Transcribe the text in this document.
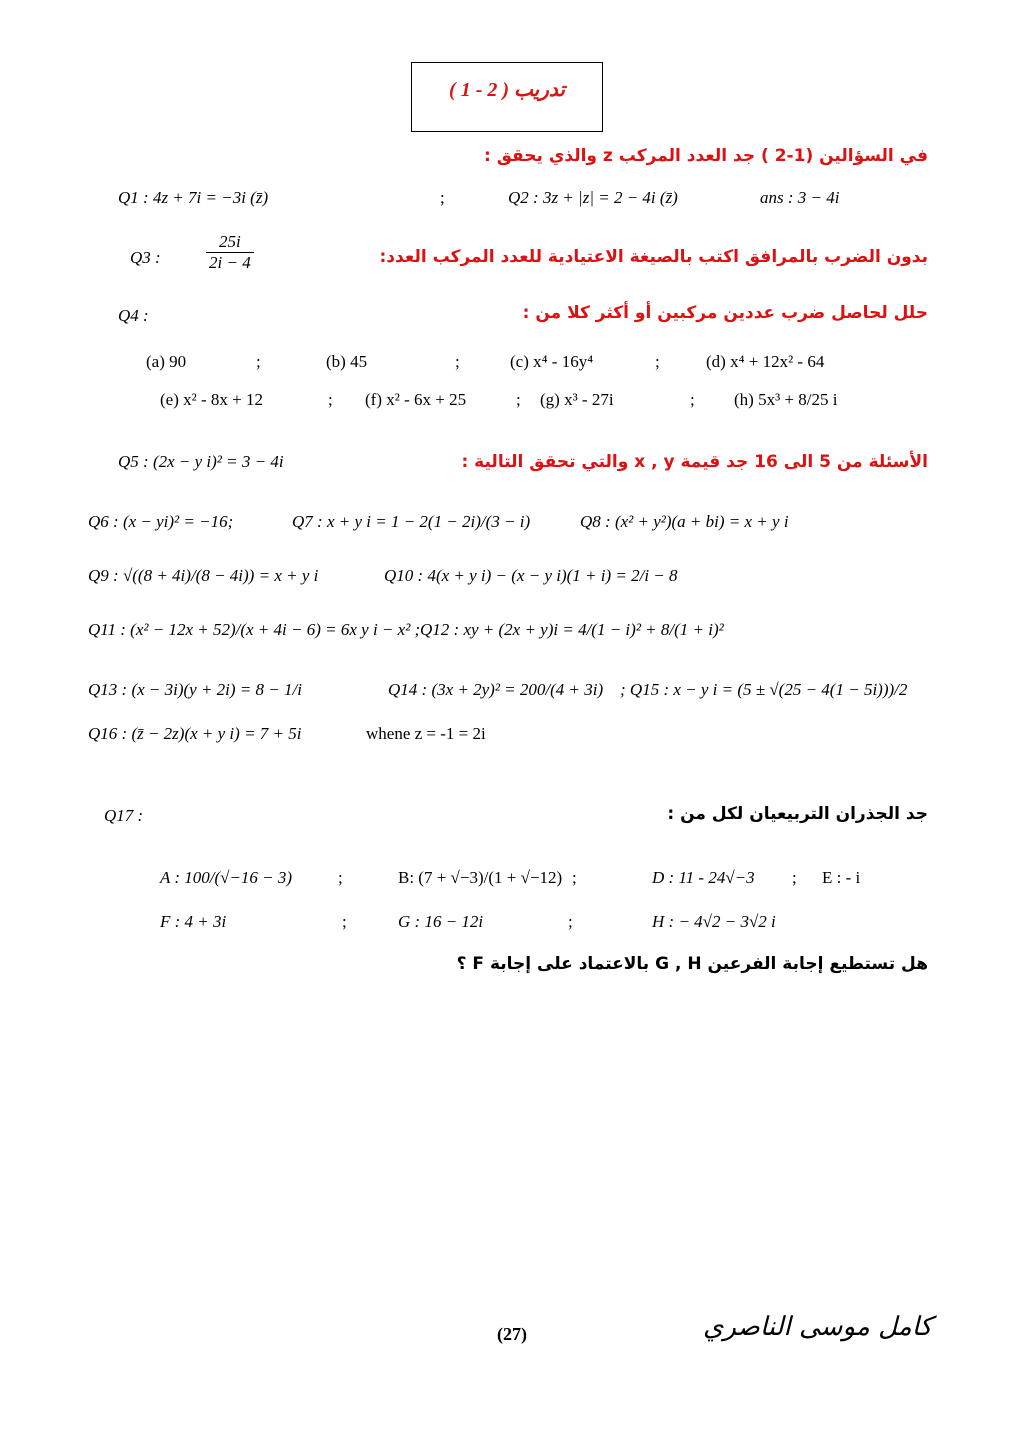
( 1 - 2 ) تدريب
في السؤالين (1-2 ) جد العدد المركب z والذي يحقق :
Q1 : 4z + 7i = −3i (z̄)	;	Q2 : 3z + |z| = 2 − 4i (z̄)	ans : 3 − 4i
Q3 :	$\frac{25i}{2i - 4}$	بدون الضرب بالمرافق اكتب بالصيغة الاعتيادية للعدد المركب العدد:
Q4 :	حلل لحاصل ضرب عددين مركبين أو أكثر كلا من :
(a) 90	;	(b) 45	;	(c) x⁴ - 16y⁴	;	(d) x⁴ + 12x² - 64
(e) x² - 8x + 12	; (f) x² - 6x + 25	; (g) x³ - 27i	; (h) 5x³ + 8/25 i
Q5 : (2x − y i)² = 3 − 4i	الأسئلة من 5 الى 16 جد قيمة x , y والتي تحقق التالية :
Q6 : (x − yi)² = −16;	Q7 : x + y i = 1 − 2(1 − 2i)/(3 − i)	Q8 : (x² + y²)(a + bi) = x + y i
Q9 : √((8 + 4i)/(8 − 4i)) = x + y i	Q10 : 4(x + y i) − (x − y i)(1 + i) = 2/i − 8
Q11 : (x² − 12x + 52)/(x + 4i − 6) = 6x y i − x² ; Q12 : xy + (2x + y)i = 4/(1 − i)² + 8/(1 + i)²
Q13 : (x − 3i)(y + 2i) = 8 − 1/i	Q14 : (3x + 2y)² = 200/(4 + 3i) ; Q15 : x − y i = (5 ± √(25 − 4(1 − 5i)))/2
Q16 : (z̄ − 2z)(x + y i) = 7 + 5i	whene z = -1 = 2i
Q17 :	جد الجذران التربيعيان لكل من :
A : 100/(√−16 − 3)	;	B: (7 + √−3)/(1 + √−12) ;	D : 11 - 24√−3 ; E : - i
F : 4 + 3i	;	G : 16 − 12i	;	H : − 4√2 − 3√2 i
هل تستطيع إجابة الفرعين G , H بالاعتماد على إجابة F ؟
(27)	كامل موسى الناصري
